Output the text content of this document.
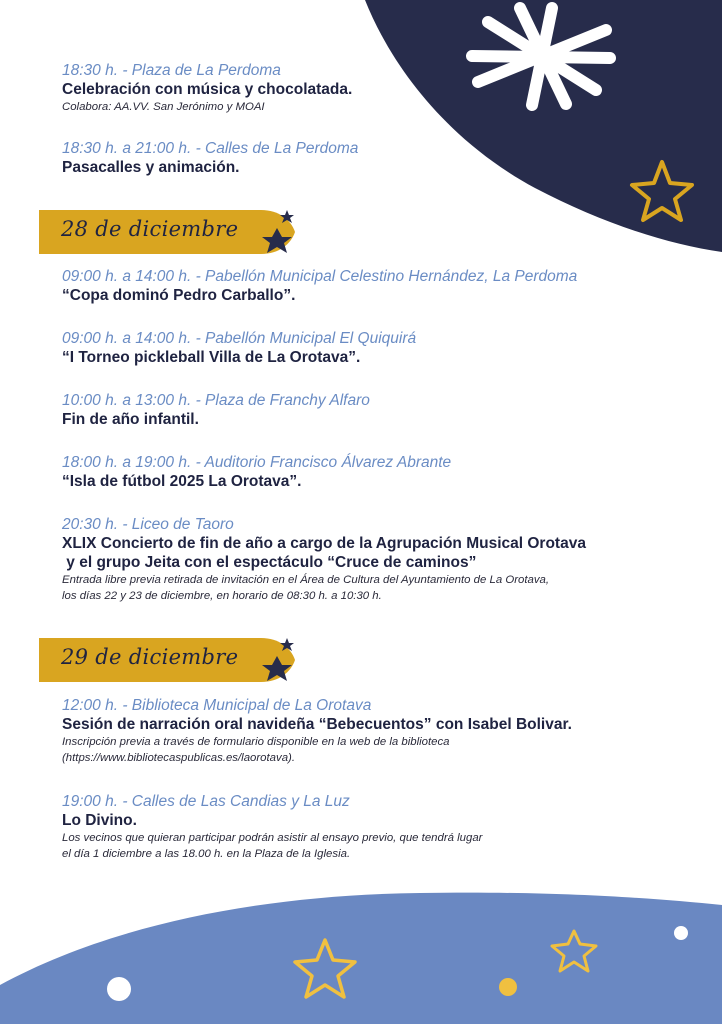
18:30 h. - Plaza de La Perdoma
Celebración con música y chocolatada.
Colabora: AA.VV. San Jerónimo y MOAI
18:30 h. a 21:00 h. - Calles de La Perdoma
Pasacalles y animación.
28 de diciembre
09:00 h. a 14:00 h. - Pabellón Municipal Celestino Hernández, La Perdoma
“Copa dominó Pedro Carballo”.
09:00 h. a 14:00 h. - Pabellón Municipal El Quiquirá
“I Torneo pickleball Villa de La Orotava”.
10:00 h. a 13:00 h. - Plaza de Franchy Alfaro
Fin de año infantil.
18:00 h. a 19:00 h. - Auditorio Francisco Álvarez Abrante
“Isla de fútbol 2025 La Orotava”.
20:30 h. - Liceo de Taoro
XLIX Concierto de fin de año a cargo de la Agrupación Musical Orotava
y el grupo Jeita con el espectáculo “Cruce de caminos”
Entrada libre previa retirada de invitación en el Área de Cultura del Ayuntamiento de La Orotava,
los días 22 y 23 de diciembre, en horario de 08:30 h. a 10:30 h.
29 de diciembre
12:00 h. - Biblioteca Municipal de La Orotava
Sesión de narración oral navideña “Bebecuentos” con Isabel Bolivar.
Inscripción previa a través de formulario disponible en la web de la biblioteca
(https://www.bibliotecaspublicas.es/laorotava).
19:00 h. - Calles de Las Candias y La Luz
Lo Divino.
Los vecinos que quieran participar podrán asistir al ensayo previo, que tendrá lugar
el día 1 diciembre a las 18.00 h. en la Plaza de la Iglesia.
